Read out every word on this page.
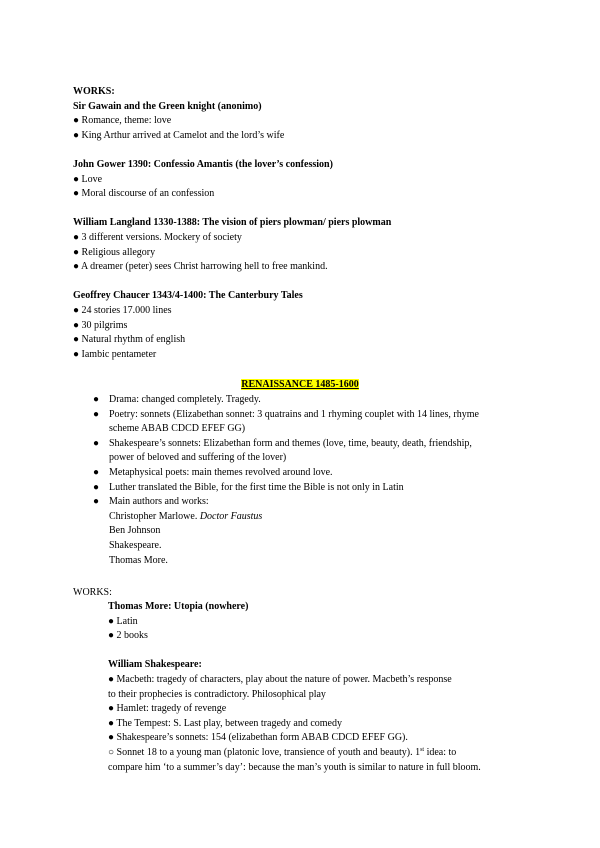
WORKS:
Sir Gawain and the Green knight (anonimo)
● Romance, theme: love
● King Arthur arrived at Camelot and the lord’s wife
John Gower 1390: Confessio Amantis (the lover’s confession)
● Love
● Moral discourse of an confession
William Langland 1330-1388: The vision of piers plowman/ piers plowman
● 3 different versions. Mockery of society
● Religious allegory
● A dreamer (peter) sees Christ harrowing hell to free mankind.
Geoffrey Chaucer 1343/4-1400: The Canterbury Tales
● 24 stories 17.000 lines
● 30 pilgrims
● Natural rhythm of english
● Iambic pentameter
RENAISSANCE 1485-1600
● Drama: changed completely. Tragedy.
● Poetry: sonnets (Elizabethan sonnet: 3 quatrains and 1 rhyming couplet with 14 lines, rhyme
scheme ABAB CDCD EFEF GG)
● Shakespeare’s sonnets: Elizabethan form and themes (love, time, beauty, death, friendship,
power of beloved and suffering of the lover)
● Metaphysical poets: main themes revolved around love.
● Luther translated the Bible, for the first time the Bible is not only in Latin
● Main authors and works:
Christopher Marlowe. Doctor Faustus
Ben Johnson
Shakespeare.
Thomas More.
WORKS:
Thomas More: Utopia (nowhere)
● Latin
● 2 books
William Shakespeare:
● Macbeth: tragedy of characters, play about the nature of power. Macbeth’s response
to their prophecies is contradictory. Philosophical play
● Hamlet: tragedy of revenge
● The Tempest: S. Last play, between tragedy and comedy
● Shakespeare’s sonnets: 154 (elizabethan form ABAB CDCD EFEF GG).
○ Sonnet 18 to a young man (platonic love, transience of youth and beauty). 1st idea: to
compare him ‘to a summer’s day’: because the man’s youth is similar to nature in full bloom.
